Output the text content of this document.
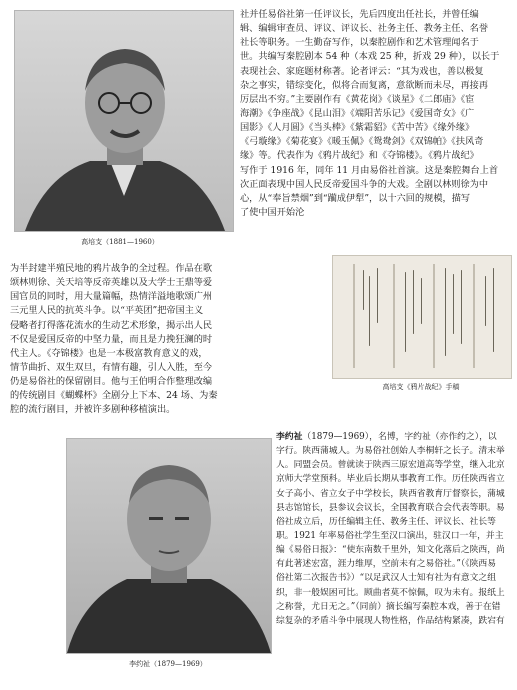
高培支（1881—1960）
社并任易俗社第一任评议长，先后四度出任社长，并曾任编
辑、编辑审查员、评议、评议长、社务主任、教务主任、名誉
社长等职务。一生勤奋写作，以秦腔剧作和艺术管理闻名于
世。共编写秦腔剧本 54 种（本戏 25 种，折戏 29 种），以长于
表现社会、家庭题材称著。论者评云：“其为戏也，善以极复
杂之事实，错综变化，似将合而复离，意欲断而未尽，再接再
厉层出不穷。”主要剧作有《黄花岗》《谈星》《二郎庙》《宦
海潮》《争座战》《昆山泪》《端阳苦乐记》《爱国奇女》《广
国影》《人月圆》《当头棒》《紫霜貂》《苦中苦》《缘外缘》
《弓璇缘》《菊花宴》《暖玉佩》《鸳鸯剑》《双锦帕》《扶风奇
缘》等。代表作为《鸦片战纪》和《夺锦楼》。《鸦片战纪》
写作于 1916 年，同年 11 月由易俗社首演。这是秦腔舞台上首
次正面表现中国人民反帝爱国斗争的大戏。全剧以林则徐为中
心，从“奉旨禁烟”到“躏成伊犁”，以十六回的规模，描写
了使中国开始沦
为半封建半殖民地的鸦片战争的全过程。作品在歌
颂林则徐、关天培等反帝英雄以及大学士王鼎等爱
国官员的同时，用大量篇幅，热情洋溢地歌颂广州
三元里人民的抗英斗争。以“平英团”把帝国主义
侵略者打得落花流水的生动艺术形象，揭示出人民
不仅是爱国反帝的中坚力量，而且是力挽狂澜的时
代主人。《夺锦楼》也是一本极富教育意义的戏，
情节曲折、双生双旦，有情有趣，引人入胜，至今
仍是易俗社的保留剧目。他与王伯明合作整理改编
的传统剧目《蝴蝶杯》全剧分上下本、24 场、为秦
腔的流行剧目，并被许多剧种移植演出。
高培支《鸦片战纪》手稿
李约祉（1879—1969）
李约祉（1879—1969），名博，字约祉（亦作约之），以
字行。陕西蒲城人。为易俗社创始人李桐轩之长子。清末举
人。同盟会员。曾就读于陕西三原宏道高等学堂，继入北京
京师大学堂预科。毕业后长期从事教育工作。历任陕西省立
女子高小、省立女子中学校长，陕西省教育厅督察长，蒲城
县志馆馆长，县参议会议长，全国教育联合会代表等职。易
俗社成立后，历任编辑主任、教务主任、评议长、社长等
职。1921 年率易俗社学生至汉口演出，驻汉口一年，并主
编《易俗日报》：“使东南数千里外，知文化落后之陕西，尚
有此著述宏富，涯力维厚，空前未有之易俗社。”（《陕西易
俗社第二次报告书》）“以足武汉人士知有社为有意文之组
织，非一般娱困可比。顾曲者莫不惊佩，叹为未有。报纸上
之称誉，尤日无之。”（同前）摘长编写秦腔本戏，善于在错
综复杂的矛盾斗争中展现人物性格，作品结构紧凑，跌宕有
